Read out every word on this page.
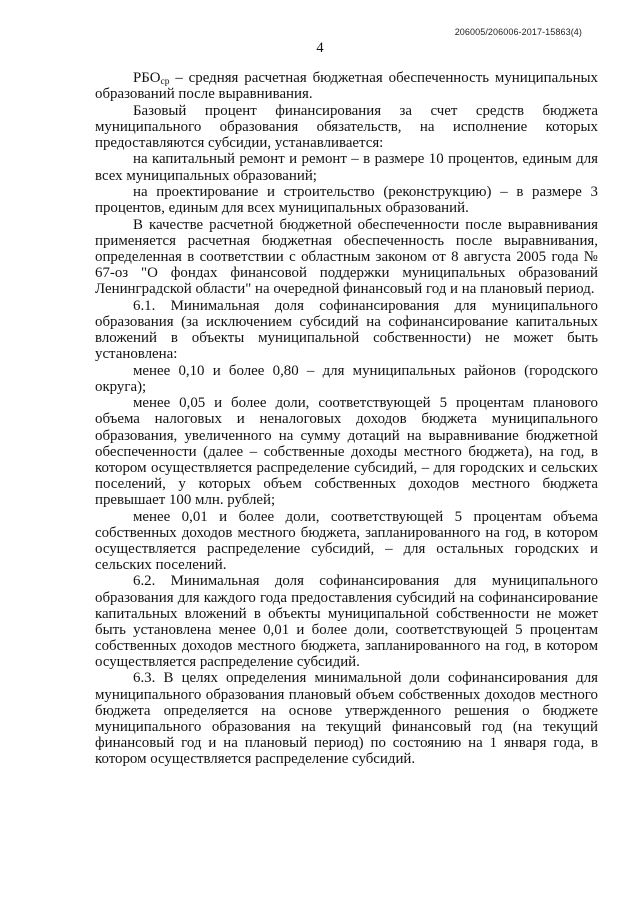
206005/206006-2017-15863(4)
4

$РБО_{ср}$ – средняя расчетная бюджетная обеспеченность муниципальных образований после выравнивания.

Базовый процент финансирования за счет средств бюджета муниципального образования обязательств, на исполнение которых предоставляются субсидии, устанавливается:

на капитальный ремонт и ремонт – в размере 10 процентов, единым для всех муниципальных образований;

на проектирование и строительство (реконструкцию) – в размере 3 процентов, единым для всех муниципальных образований.

В качестве расчетной бюджетной обеспеченности после выравнивания применяется расчетная бюджетная обеспеченность после выравнивания, определенная в соответствии с областным законом от 8 августа 2005 года № 67-оз "О фондах финансовой поддержки муниципальных образований Ленинградской области" на очередной финансовый год и на плановый период.

6.1. Минимальная доля софинансирования для муниципального образования (за исключением субсидий на софинансирование капитальных вложений в объекты муниципальной собственности) не может быть установлена:

менее 0,10 и более 0,80 – для муниципальных районов (городского округа);

менее 0,05 и более доли, соответствующей 5 процентам планового объема налоговых и неналоговых доходов бюджета муниципального образования, увеличенного на сумму дотаций на выравнивание бюджетной обеспеченности (далее – собственные доходы местного бюджета), на год, в котором осуществляется распределение субсидий, – для городских и сельских поселений, у которых объем собственных доходов местного бюджета превышает 100 млн. рублей;

менее 0,01 и более доли, соответствующей 5 процентам объема собственных доходов местного бюджета, запланированного на год, в котором осуществляется распределение субсидий, – для остальных городских и сельских поселений.

6.2. Минимальная доля софинансирования для муниципального образования для каждого года предоставления субсидий на софинансирование капитальных вложений в объекты муниципальной собственности не может быть установлена менее 0,01 и более доли, соответствующей 5 процентам собственных доходов местного бюджета, запланированного на год, в котором осуществляется распределение субсидий.

6.3. В целях определения минимальной доли софинансирования для муниципального образования плановый объем собственных доходов местного бюджета определяется на основе утвержденного решения о бюджете муниципального образования на текущий финансовый год (на текущий финансовый год и на плановый период) по состоянию на 1 января года, в котором осуществляется распределение субсидий.
